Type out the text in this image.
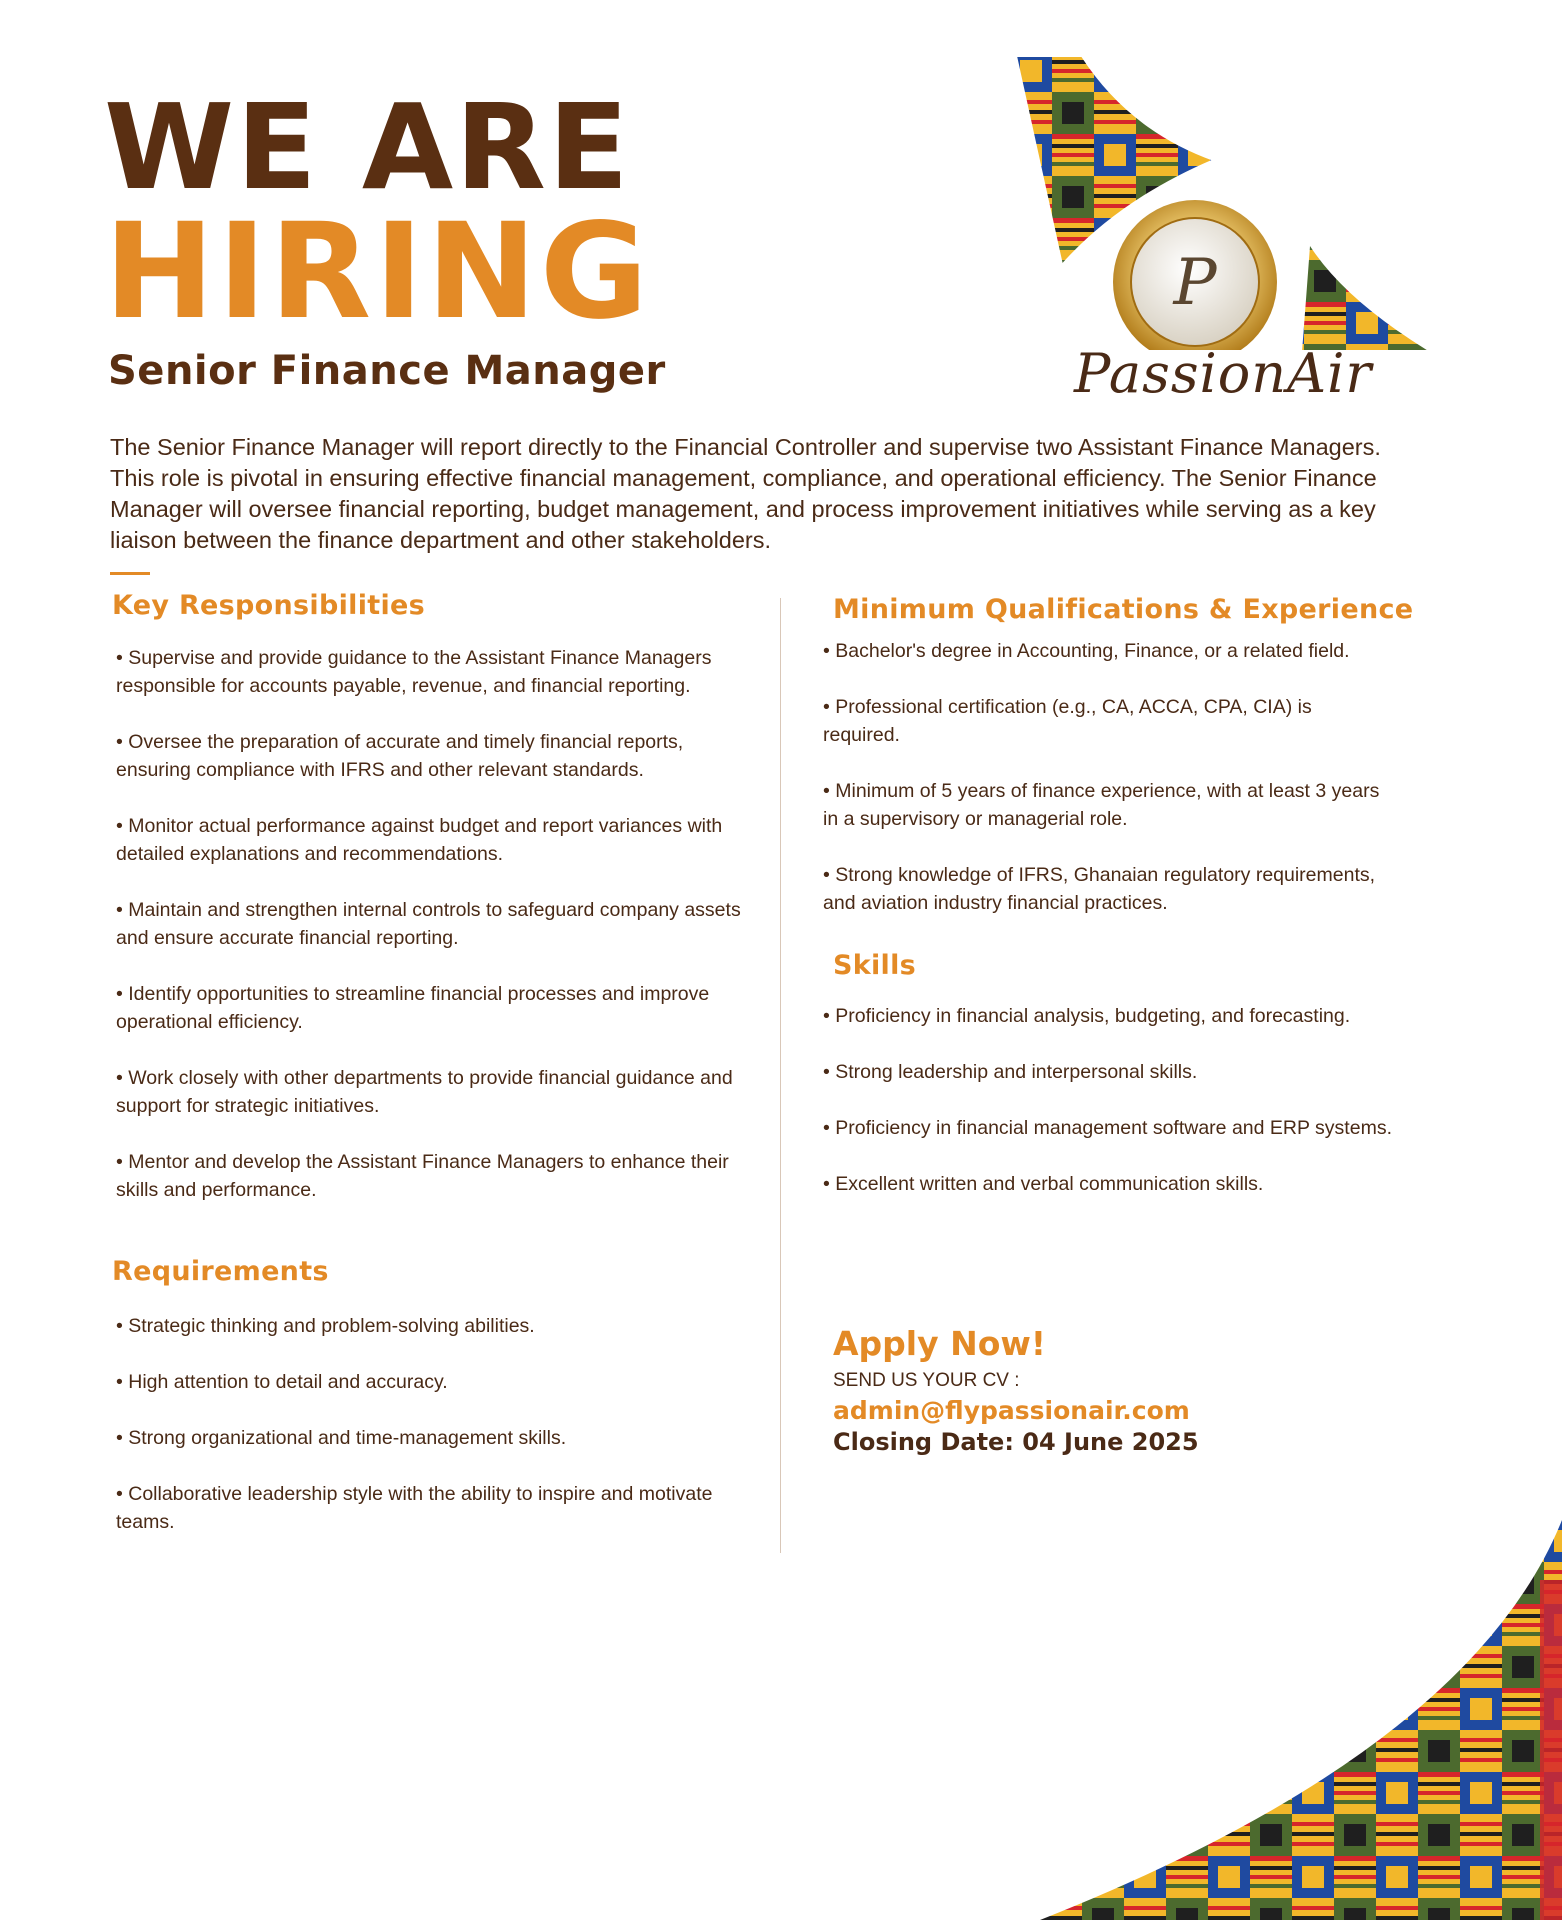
WE ARE
HIRING
Senior Finance Manager
P
PassionAir
The Senior Finance Manager will report directly to the Financial Controller and supervise two Assistant Finance Managers. This role is pivotal in ensuring effective financial management, compliance, and operational efficiency. The Senior Finance Manager will oversee financial reporting, budget management, and process improvement initiatives while serving as a key liaison between the finance department and other stakeholders.
Key Responsibilities
• Supervise and provide guidance to the Assistant Finance Managers responsible for accounts payable, revenue, and financial reporting.
• Oversee the preparation of accurate and timely financial reports, ensuring compliance with IFRS and other relevant standards.
• Monitor actual performance against budget and report variances with detailed explanations and recommendations.
• Maintain and strengthen internal controls to safeguard company assets and ensure accurate financial reporting.
• Identify opportunities to streamline financial processes and improve operational efficiency.
• Work closely with other departments to provide financial guidance and support for strategic initiatives.
• Mentor and develop the Assistant Finance Managers to enhance their skills and performance.
Requirements
• Strategic thinking and problem-solving abilities.
• High attention to detail and accuracy.
• Strong organizational and time-management skills.
• Collaborative leadership style with the ability to inspire and motivate teams.
Minimum Qualifications & Experience
• Bachelor's degree in Accounting, Finance, or a related field.
• Professional certification (e.g., CA, ACCA, CPA, CIA) is required.
• Minimum of 5 years of finance experience, with at least 3 years in a supervisory or managerial role.
• Strong knowledge of IFRS, Ghanaian regulatory requirements, and aviation industry financial practices.
Skills
• Proficiency in financial analysis, budgeting, and forecasting.
• Strong leadership and interpersonal skills.
• Proficiency in financial management software and ERP systems.
• Excellent written and verbal communication skills.
Apply Now!
SEND US YOUR CV :
admin@flypassionair.com
Closing Date: 04 June 2025
